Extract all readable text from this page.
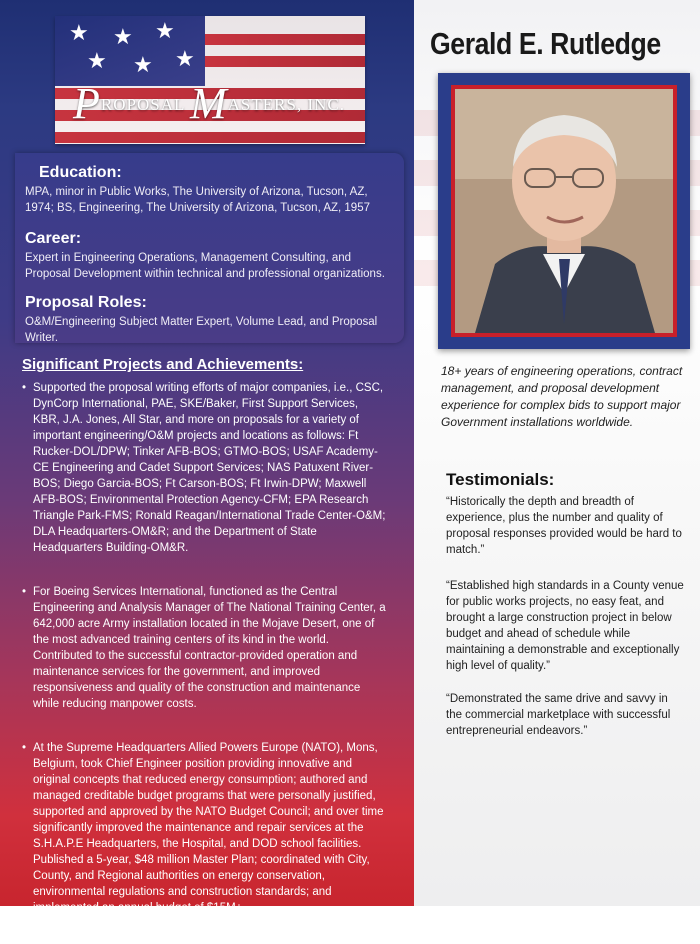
★ ★ ★
★ ★ ★
PROPOSAL MASTERS, INC.
Education:

MPA, minor in Public Works, The University of Arizona, Tucson, AZ, 1974; BS, Engineering, The University of Arizona, Tucson, AZ, 1957

Career:

Expert in Engineering Operations, Management Consulting, and Proposal Development within technical and professional organizations.

Proposal Roles:

O&M/Engineering Subject Matter Expert, Volume Lead, and Proposal Writer.

Significant Projects and Achievements:
• Supported the proposal writing efforts of major companies, i.e., CSC, DynCorp International, PAE, SKE/Baker, First Support Services, KBR, J.A. Jones, All Star, and more on proposals for a variety of important engineering/O&M projects and locations as follows: Ft Rucker-DOL/DPW; Tinker AFB-BOS; GTMO-BOS; USAF Academy-CE Engineering and Cadet Support Services; NAS Patuxent River-BOS; Diego Garcia-BOS; Ft Carson-BOS; Ft Irwin-DPW; Maxwell AFB-BOS; Environmental Protection Agency-CFM; EPA Research Triangle Park-FMS; Ronald Reagan/International Trade Center-O&M; DLA Headquarters-OM&R; and the Department of State Headquarters Building-OM&R.
• For Boeing Services International, functioned as the Central Engineering and Analysis Manager of The National Training Center, a 642,000 acre Army installation located in the Mojave Desert, one of the most advanced training centers of its kind in the world. Contributed to the successful contractor-provided operation and maintenance services for the government, and improved responsiveness and quality of the construction and maintenance while reducing manpower costs.
• At the Supreme Headquarters Allied Powers Europe (NATO), Mons, Belgium, took Chief Engineer position providing innovative and original concepts that reduced energy consumption; authored and managed creditable budget programs that were personally justified, supported and approved by the NATO Budget Council; and over time significantly improved the maintenance and repair services at the S.H.A.P.E Headquarters, the Hospital, and DOD school facilities. Published a 5-year, $48 million Master Plan; coordinated with City, County, and Regional authorities on energy conservation, environmental regulations and construction standards; and implemented an annual budget of $15M+.
Gerald E. Rutledge

18+ years of engineering operations, contract management, and proposal development experience for complex bids to support major Government installations worldwide.

Testimonials:

“Historically the depth and breadth of experience, plus the number and quality of proposal responses provided would be hard to match.”

“Established high standards in a County venue for public works projects, no easy feat, and brought a large construction project in below budget and ahead of schedule while maintaining a demonstrable and exceptionally high level of quality.”

“Demonstrated the same drive and savvy in the commercial marketplace with successful entrepreneurial endeavors.”
